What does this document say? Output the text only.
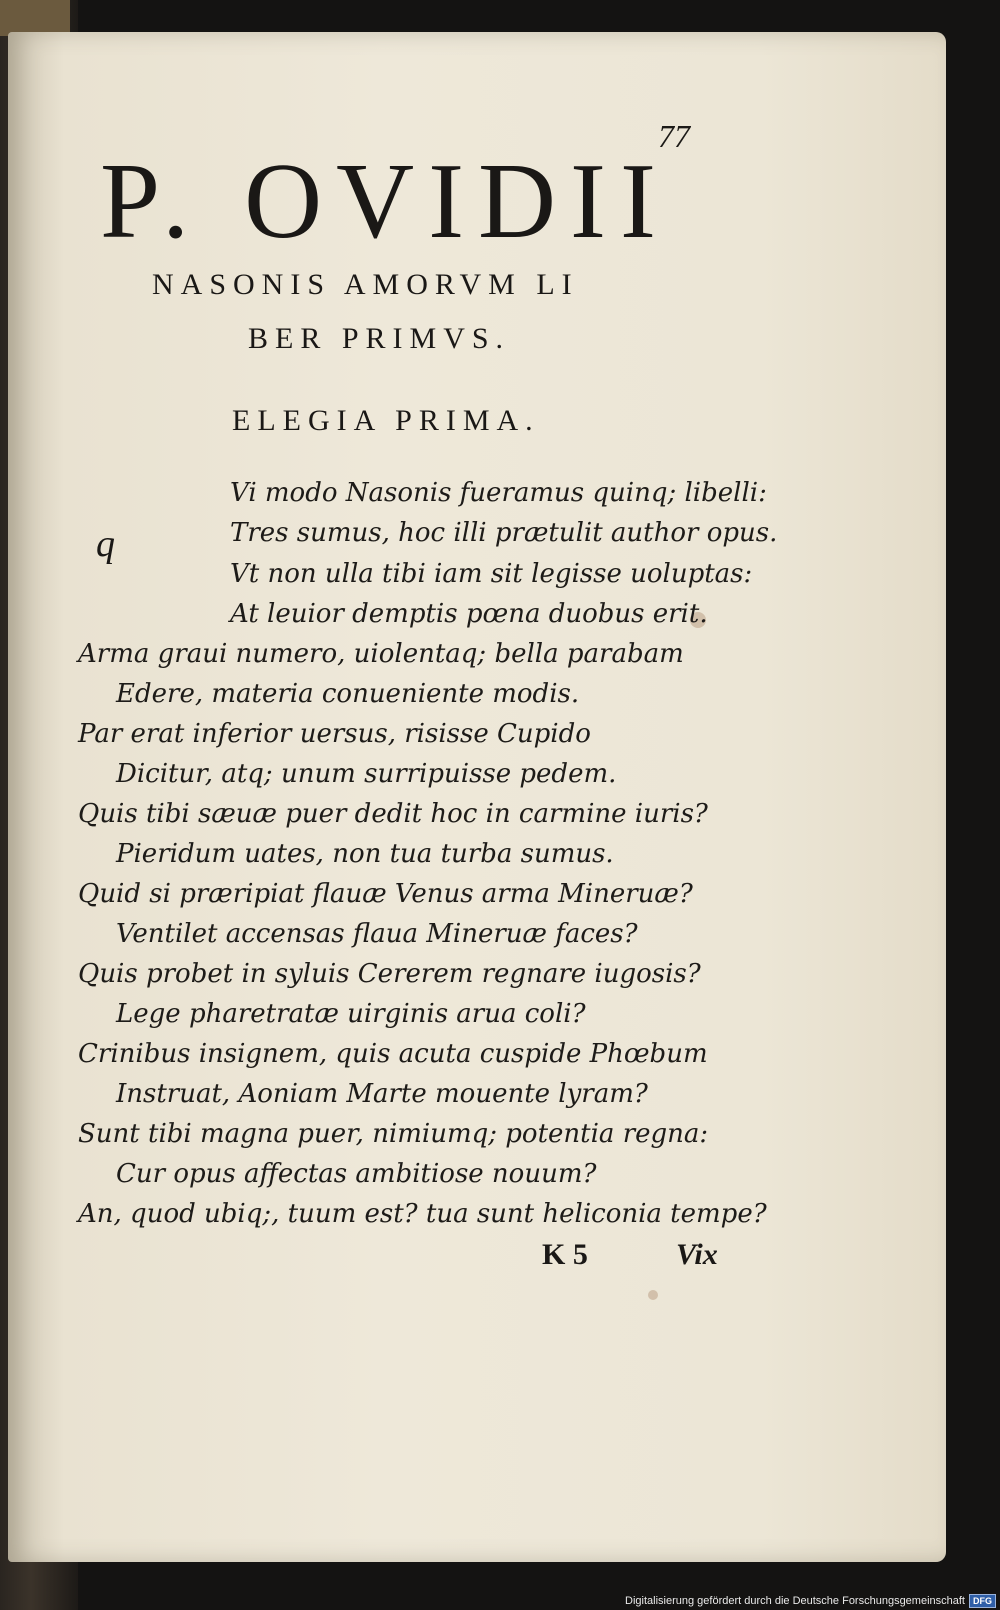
77
P. OVIDII
NASONIS AMORVM LI
BER PRIMVS.
ELEGIA PRIMA.
q
Vi modo Nasonis fueramus quinq; libelli:
Tres sumus, hoc illi prætulit author opus.
Vt non ulla tibi iam sit legisse uoluptas:
At leuior demptis pœna duobus erit.
Arma graui numero, uiolentaq; bella parabam
Edere, materia conueniente modis.
Par erat inferior uersus, risisse Cupido
Dicitur, atq; unum surripuisse pedem.
Quis tibi sæuæ puer dedit hoc in carmine iuris?
Pieridum uates, non tua turba sumus.
Quid si præripiat flauæ Venus arma Mineruæ?
Ventilet accensas flaua Mineruæ faces?
Quis probet in syluis Cererem regnare iugosis?
Lege pharetratæ uirginis arua coli?
Crinibus insignem, quis acuta cuspide Phœbum
Instruat, Aoniam Marte mouente lyram?
Sunt tibi magna puer, nimiumq; potentia regna:
Cur opus affectas ambitiose nouum?
An, quod ubiq;, tuum est? tua sunt heliconia tempe?
K 5	Vix
Digitalisierung gefördert durch die Deutsche Forschungsgemeinschaft DFG
